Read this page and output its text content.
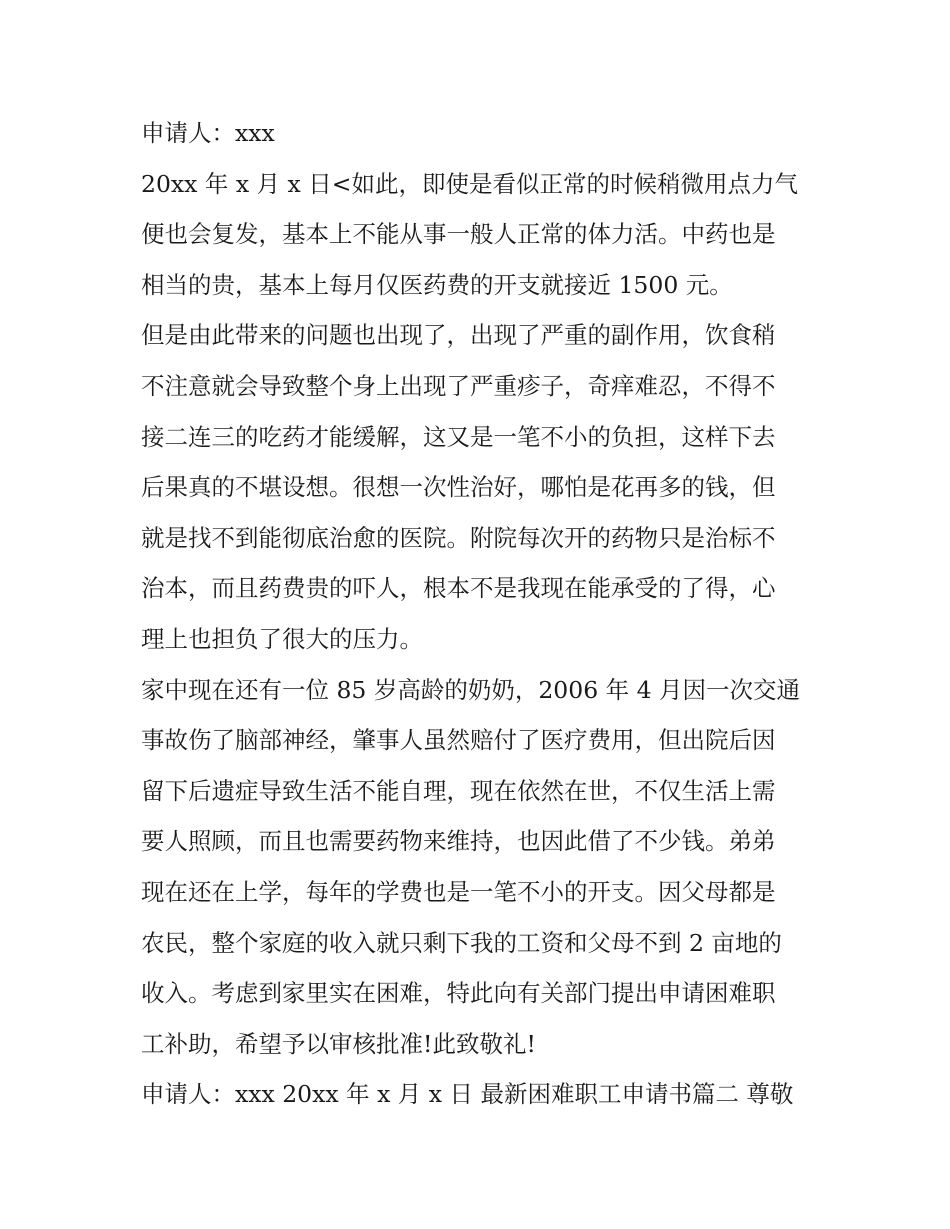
申请人：xxx

20xx 年 x 月 x 日<如此，即使是看似正常的时候稍微用点力气

便也会复发，基本上不能从事一般人正常的体力活。中药也是

相当的贵，基本上每月仅医药费的开支就接近 1500 元。

但是由此带来的问题也出现了，出现了严重的副作用，饮食稍

不注意就会导致整个身上出现了严重疹子，奇痒难忍，不得不

接二连三的吃药才能缓解，这又是一笔不小的负担，这样下去

后果真的不堪设想。很想一次性治好，哪怕是花再多的钱，但

就是找不到能彻底治愈的医院。附院每次开的药物只是治标不

治本，而且药费贵的吓人，根本不是我现在能承受的了得，心

理上也担负了很大的压力。

家中现在还有一位 85 岁高龄的奶奶，2006 年 4 月因一次交通

事故伤了脑部神经，肇事人虽然赔付了医疗费用，但出院后因

留下后遗症导致生活不能自理，现在依然在世，不仅生活上需

要人照顾，而且也需要药物来维持，也因此借了不少钱。弟弟

现在还在上学，每年的学费也是一笔不小的开支。因父母都是

农民，整个家庭的收入就只剩下我的工资和父母不到 2 亩地的

收入。考虑到家里实在困难，特此向有关部门提出申请困难职

工补助，希望予以审核批准!此致敬礼!

申请人：xxx 20xx 年 x 月 x 日 最新困难职工申请书篇二 尊敬
